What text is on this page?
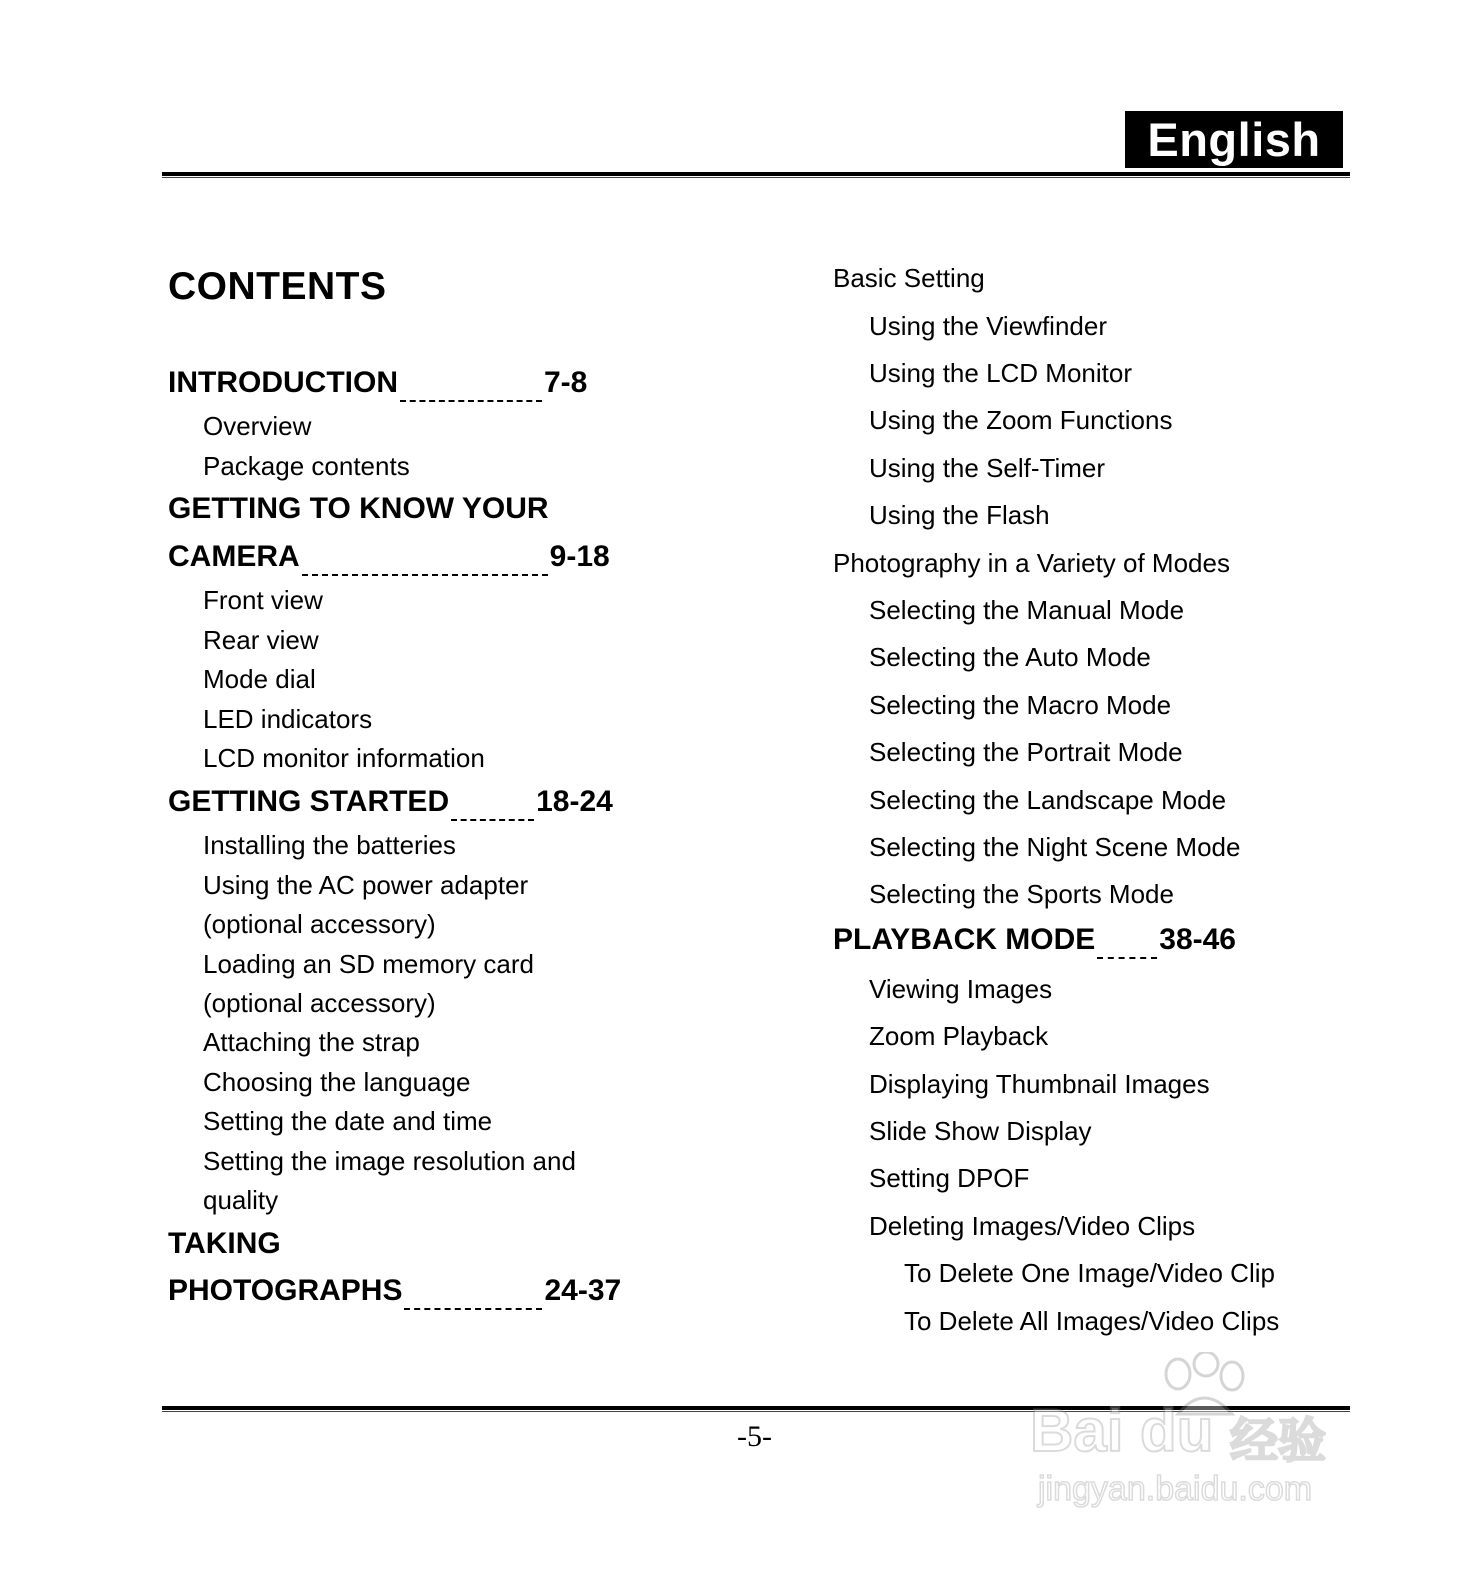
English
CONTENTS
INTRODUCTION	7-8
Overview
Package contents
GETTING TO KNOW YOUR
CAMERA	9-18
Front view
Rear view
Mode dial
LED indicators
LCD monitor information
GETTING STARTED	18-24
Installing the batteries
Using the AC power adapter
(optional accessory)
Loading an SD memory card
(optional accessory)
Attaching the strap
Choosing the language
Setting the date and time
Setting the image resolution and
quality
TAKING
PHOTOGRAPHS	24-37
Basic Setting
Using the Viewfinder
Using the LCD Monitor
Using the Zoom Functions
Using the Self-Timer
Using the Flash
Photography in a Variety of Modes
Selecting the Manual Mode
Selecting the Auto Mode
Selecting the Macro Mode
Selecting the Portrait Mode
Selecting the Landscape Mode
Selecting the Night Scene Mode
Selecting the Sports Mode
PLAYBACK MODE 38-46
Viewing Images
Zoom Playback
Displaying Thumbnail Images
Slide Show Display
Setting DPOF
Deleting Images/Video Clips
To Delete One Image/Video Clip
To Delete All Images/Video Clips
-5-	Bai du 经验
jingyan.baidu.com
